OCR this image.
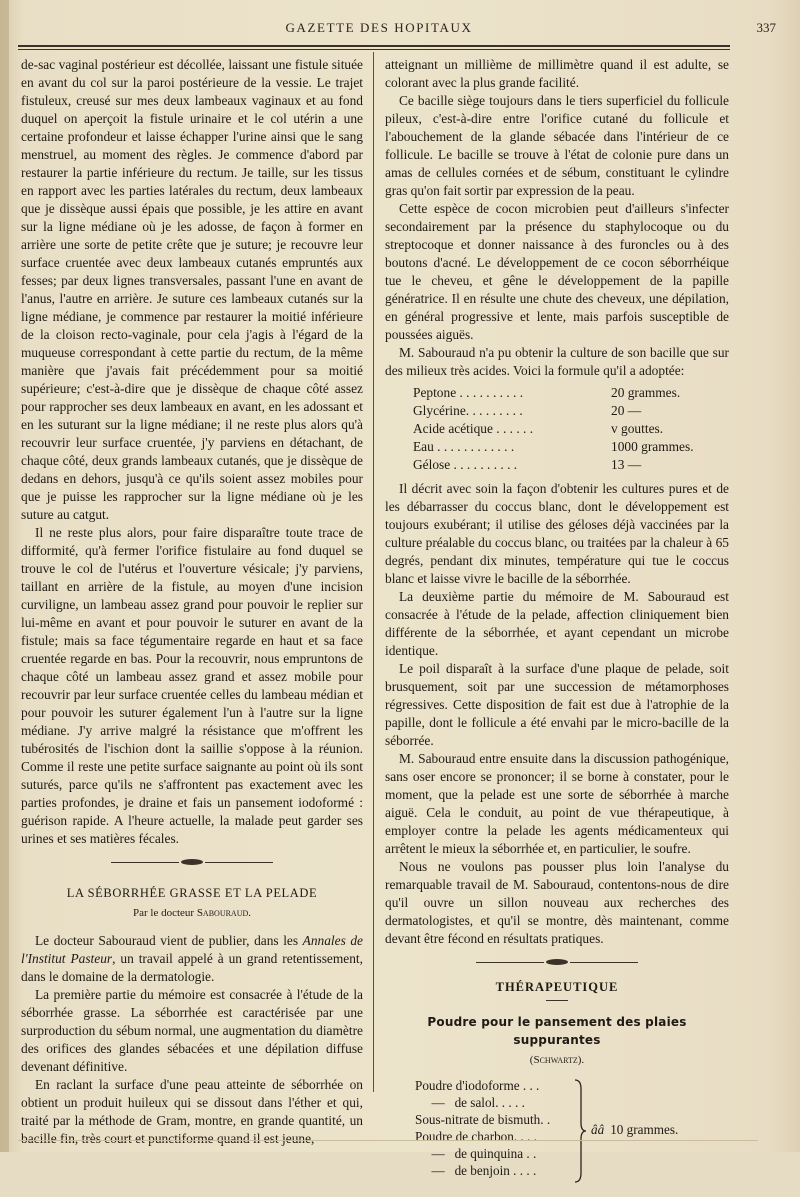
GAZETTE DES HOPITAUX	337

de-sac vaginal postérieur est décollée, laissant une fistule située en avant du col sur la paroi postérieure de la vessie. Le trajet fistuleux, creusé sur mes deux lambeaux vaginaux et au fond duquel on aperçoit la fistule urinaire et le col utérin a une certaine profondeur et laisse échapper l'urine ainsi que le sang menstruel, au moment des règles. Je commence d'abord par restaurer la partie inférieure du rectum. Je taille, sur les tissus en rapport avec les parties latérales du rectum, deux lambeaux que je dissèque aussi épais que possible, je les attire en avant sur la ligne médiane où je les adosse, de façon à former en arrière une sorte de petite crête que je suture; je recouvre leur surface cruentée avec deux lambeaux cutanés empruntés aux fesses; par deux lignes transversales, passant l'une en avant de l'anus, l'autre en arrière. Je suture ces lambeaux cutanés sur la ligne médiane, je commence par restaurer la moitié inférieure de la cloison recto-vaginale, pour cela j'agis à l'égard de la muqueuse correspondant à cette partie du rectum, de la même manière que j'avais fait précédemment pour sa moitié supérieure; c'est-à-dire que je dissèque de chaque côté assez pour rapprocher ses deux lambeaux en avant, en les adossant et en les suturant sur la ligne médiane; il ne reste plus alors qu'à recouvrir leur surface cruentée, j'y parviens en détachant, de chaque côté, deux grands lambeaux cutanés, que je dissèque de dedans en dehors, jusqu'à ce qu'ils soient assez mobiles pour que je puisse les rapprocher sur la ligne médiane où je les suture au catgut.

Il ne reste plus alors, pour faire disparaître toute trace de difformité, qu'à fermer l'orifice fistulaire au fond duquel se trouve le col de l'utérus et l'ouverture vésicale; j'y parviens, taillant en arrière de la fistule, au moyen d'une incision curviligne, un lambeau assez grand pour pouvoir le replier sur lui-même en avant et pour pouvoir le suturer en avant de la fistule; mais sa face tégumentaire regarde en haut et sa face cruentée regarde en bas. Pour la recouvrir, nous empruntons de chaque côté un lambeau assez grand et assez mobile pour recouvrir par leur surface cruentée celles du lambeau médian et pour pouvoir les suturer également l'un à l'autre sur la ligne médiane. J'y arrive malgré la résistance que m'offrent les tubérosités de l'ischion dont la saillie s'oppose à la réunion. Comme il reste une petite surface saignante au point où ils sont suturés, parce qu'ils ne s'affrontent pas exactement avec les parties profondes, je draine et fais un pansement iodoformé : guérison rapide. A l'heure actuelle, la malade peut garder ses urines et ses matières fécales.

LA SÉBORRHÉE GRASSE ET LA PELADE
Par le docteur Sabouraud.

Le docteur Sabouraud vient de publier, dans les Annales de l'Institut Pasteur, un travail appelé à un grand retentissement, dans le domaine de la dermatologie.

La première partie du mémoire est consacrée à l'étude de la séborrhée grasse. La séborrhée est caractérisée par une surproduction du sébum normal, une augmentation du diamètre des orifices des glandes sébacées et une dépilation diffuse devenant définitive.

En raclant la surface d'une peau atteinte de séborrhée on obtient un produit huileux qui se dissout dans l'éther et qui, traité par la méthode de Gram, montre, en grande quantité, un bacille fin, très court et punctiforme quand il est jeune,

atteignant un millième de millimètre quand il est adulte, se colorant avec la plus grande facilité.

Ce bacille siège toujours dans le tiers superficiel du follicule pileux, c'est-à-dire entre l'orifice cutané du follicule et l'abouchement de la glande sébacée dans l'intérieur de ce follicule. Le bacille se trouve à l'état de colonie pure dans un amas de cellules cornées et de sébum, constituant le cylindre gras qu'on fait sortir par expression de la peau.

Cette espèce de cocon microbien peut d'ailleurs s'infecter secondairement par la présence du staphylocoque ou du streptocoque et donner naissance à des furoncles ou à des boutons d'acné. Le développement de ce cocon séborrhéique tue le cheveu, et gêne le développement de la papille génératrice. Il en résulte une chute des cheveux, une dépilation, en général progressive et lente, mais parfois susceptible de poussées aiguës.

M. Sabouraud n'a pu obtenir la culture de son bacille que sur des milieux très acides. Voici la formule qu'il a adoptée:

Peptone . . . . . . . . . .	20 grammes.
Glycérine. . . . . . . . .	20 —
Acide acétique . . . . . .	v gouttes.
Eau . . . . . . . . . . . .	1000 grammes.
Gélose . . . . . . . . . .	13 —

Il décrit avec soin la façon d'obtenir les cultures pures et de les débarrasser du coccus blanc, dont le développement est toujours exubérant; il utilise des géloses déjà vaccinées par la culture préalable du coccus blanc, ou traitées par la chaleur à 65 degrés, pendant dix minutes, température qui tue le coccus blanc et laisse vivre le bacille de la séborrhée.

La deuxième partie du mémoire de M. Sabouraud est consacrée à l'étude de la pelade, affection cliniquement bien différente de la séborrhée, et ayant cependant un microbe identique.

Le poil disparaît à la surface d'une plaque de pelade, soit brusquement, soit par une succession de métamorphoses régressives. Cette disposition de fait est due à l'atrophie de la papille, dont le follicule a été envahi par le micro-bacille de la séborrée.

M. Sabouraud entre ensuite dans la discussion pathogénique, sans oser encore se prononcer; il se borne à constater, pour le moment, que la pelade est une sorte de séborrhée à marche aiguë. Cela le conduit, au point de vue thérapeutique, à employer contre la pelade les agents médicamenteux qui arrêtent le mieux la séborrhée et, en particulier, le soufre.

Nous ne voulons pas pousser plus loin l'analyse du remarquable travail de M. Sabouraud, contentons-nous de dire qu'il ouvre un sillon nouveau aux recherches des dermatologistes, et qu'il se montre, dès maintenant, comme devant être fécond en résultats pratiques.

THÉRAPEUTIQUE
Poudre pour le pansement des plaies suppurantes
(Schwartz).
Poudre d'iodoforme . . .
—   de salol. . . . .
Sous-nitrate de bismuth. .
Poudre de charbon. . . .
—   de quinquina . .
—   de benjoin . . . .
ââ 10 grammes.
